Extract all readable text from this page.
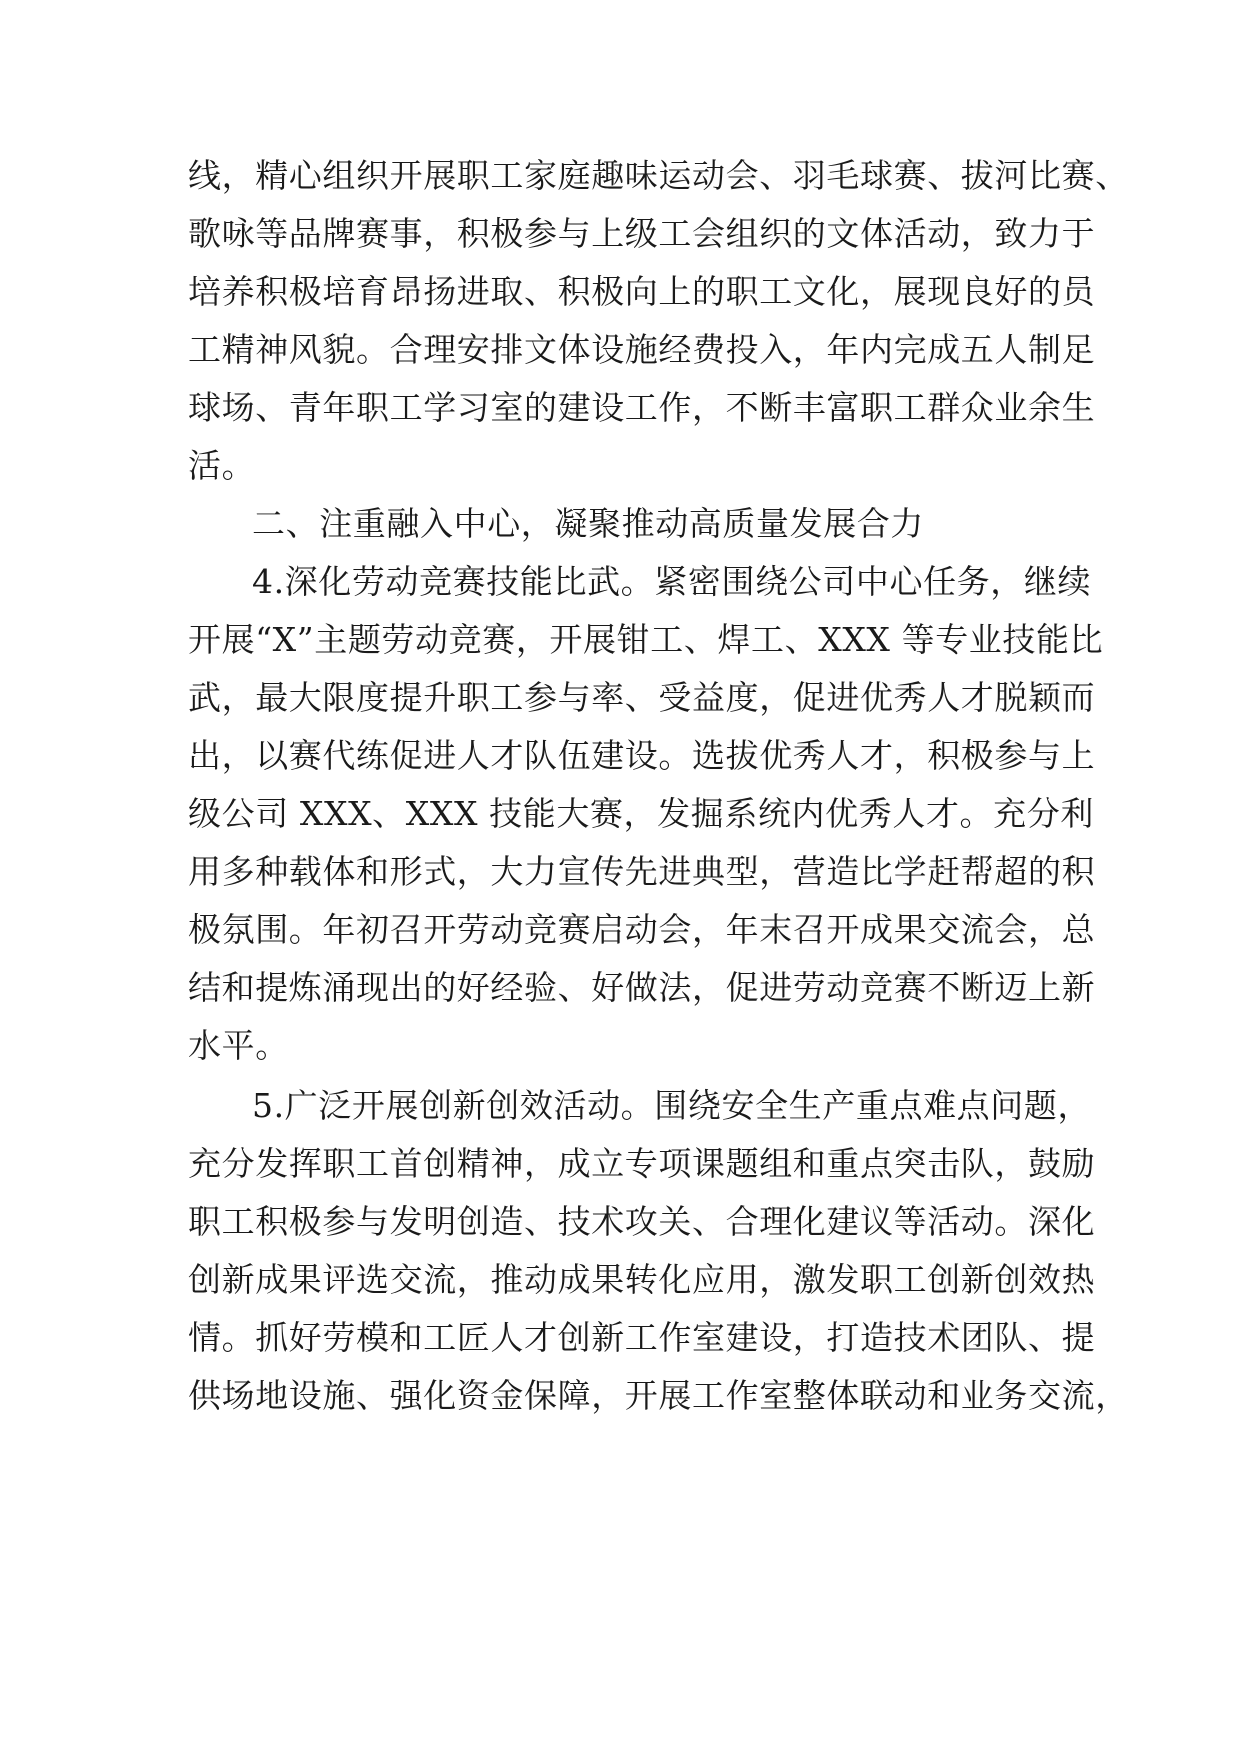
线，精心组织开展职工家庭趣味运动会、羽毛球赛、拔河比赛、
歌咏等品牌赛事，积极参与上级工会组织的文体活动，致力于
培养积极培育昂扬进取、积极向上的职工文化，展现良好的员
工精神风貌。合理安排文体设施经费投入，年内完成五人制足
球场、青年职工学习室的建设工作，不断丰富职工群众业余生
活。
二、注重融入中心，凝聚推动高质量发展合力
4.深化劳动竞赛技能比武。紧密围绕公司中心任务，继续
开展“X”主题劳动竞赛，开展钳工、焊工、XXX 等专业技能比
武，最大限度提升职工参与率、受益度，促进优秀人才脱颖而
出，以赛代练促进人才队伍建设。选拔优秀人才，积极参与上
级公司 XXX、XXX 技能大赛，发掘系统内优秀人才。充分利
用多种载体和形式，大力宣传先进典型，营造比学赶帮超的积
极氛围。年初召开劳动竞赛启动会，年末召开成果交流会，总
结和提炼涌现出的好经验、好做法，促进劳动竞赛不断迈上新
水平。
5.广泛开展创新创效活动。围绕安全生产重点难点问题，
充分发挥职工首创精神，成立专项课题组和重点突击队，鼓励
职工积极参与发明创造、技术攻关、合理化建议等活动。深化
创新成果评选交流，推动成果转化应用，激发职工创新创效热
情。抓好劳模和工匠人才创新工作室建设，打造技术团队、提
供场地设施、强化资金保障，开展工作室整体联动和业务交流，
